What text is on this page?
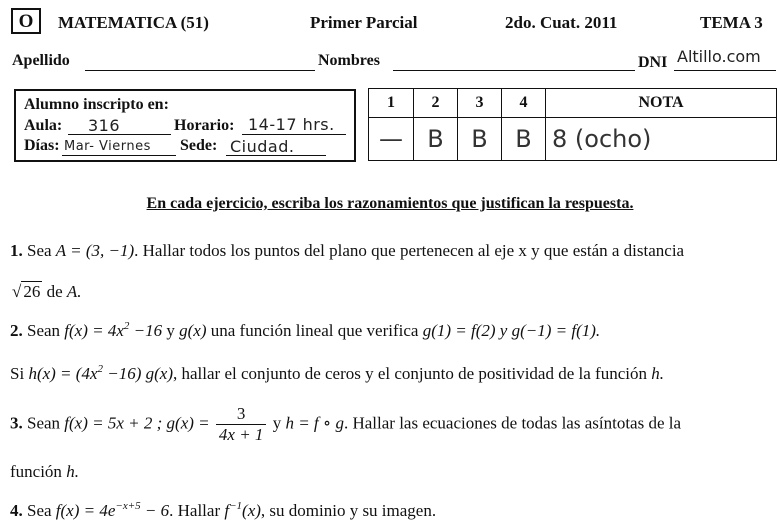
O	MATEMATICA (51)	Primer Parcial	2do. Cuat. 2011	TEMA 3
Apellido	Nombres	DNI Altillo.com
Alumno inscripto en:
Aula: 316	Horario: 14-17 hrs.
Días: Mar- Viernes Sede: Ciudad.
1	2	3	4	NOTA
—	B	B	B	8 (ocho)
En cada ejercicio, escriba los razonamientos que justifican la respuesta.
1. Sea A = (3, −1). Hallar todos los puntos del plano que pertenecen al eje x y que están a distancia
√ 26 de A.
2. Sean $f(x) = 4x^2 -16$ y g(x) una función lineal que verifica g(1) = f(2) y g(−1) = f(1).
Si $h(x) = (4x^2 -16)$ g(x), hallar el conjunto de ceros y el conjunto de positividad de la función h.
3. Sean f(x) = 5x + 2 ; $g(x) = \frac{3}{4x + 1}$ y h = f ∘ g. Hallar las ecuaciones de todas las asíntotas de la
función h.
4. Sea $f(x) = 4e^{-x+5} - 6$. Hallar $f^{-1}(x)$, su dominio y su imagen.
